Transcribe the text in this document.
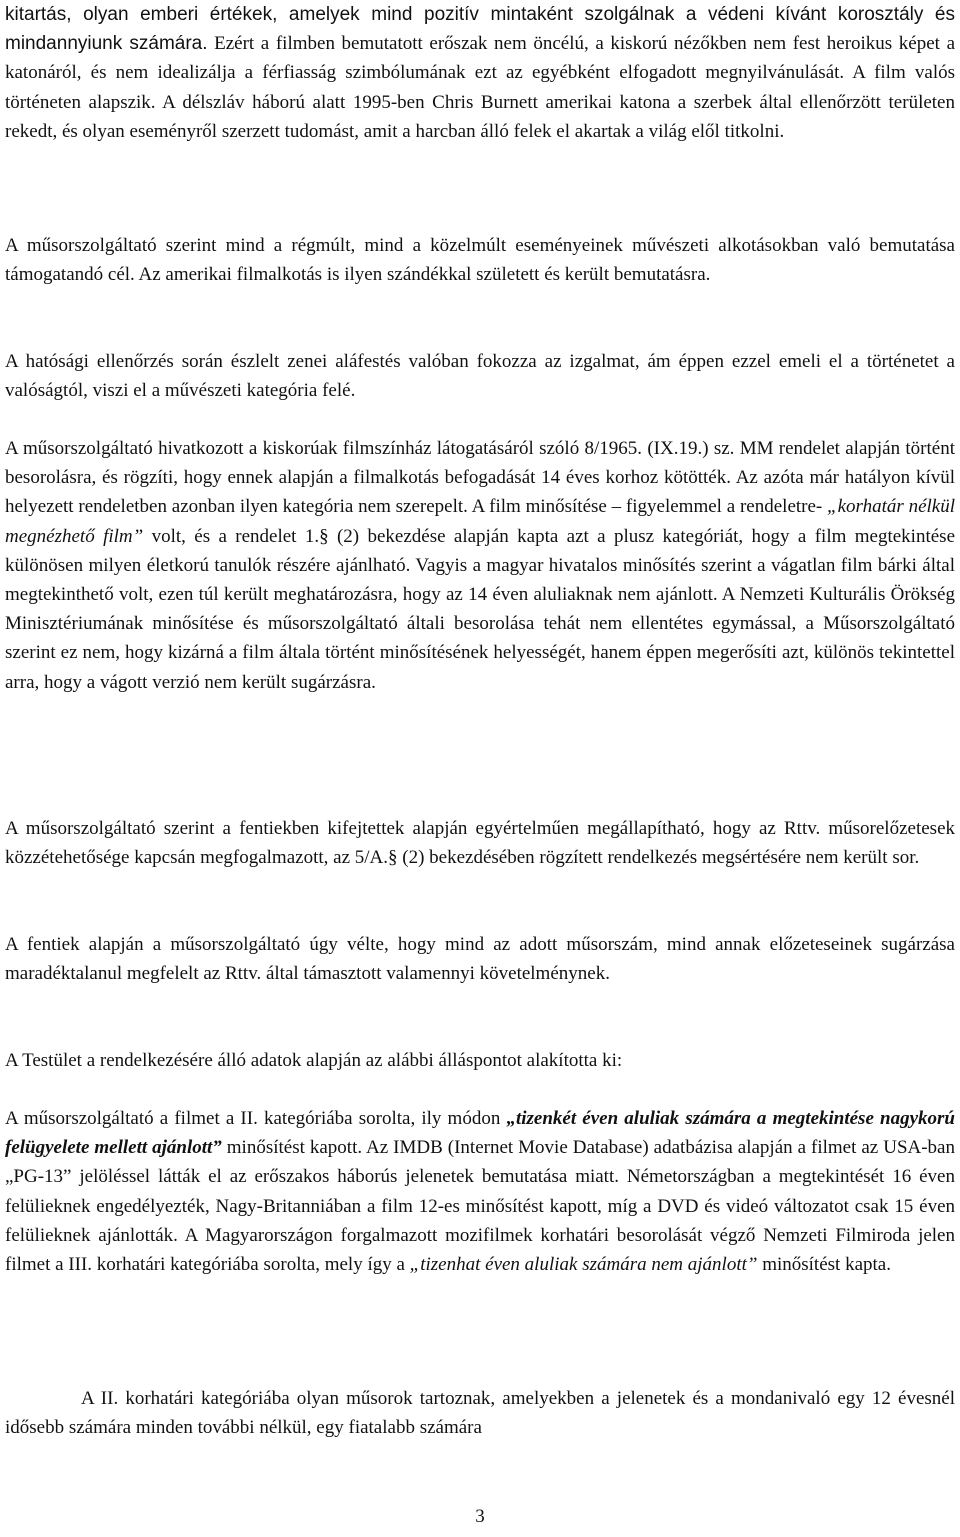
kitartás, olyan emberi értékek, amelyek mind pozitív mintaként szolgálnak a védeni kívánt korosztály és mindannyiunk számára. Ezért a filmben bemutatott erőszak nem öncélú, a kiskorú nézőkben nem fest heroikus képet a katonáról, és nem idealizálja a férfiasság szimbólumának ezt az egyébként elfogadott megnyilvánulását. A film valós történeten alapszik. A délszláv háború alatt 1995-ben Chris Burnett amerikai katona a szerbek által ellenőrzött területen rekedt, és olyan eseményről szerzett tudomást, amit a harcban álló felek el akartak a világ elől titkolni.

A műsorszolgáltató szerint mind a régmúlt, mind a közelmúlt eseményeinek művészeti alkotásokban való bemutatása támogatandó cél. Az amerikai filmalkotás is ilyen szándékkal született és került bemutatásra.

A hatósági ellenőrzés során észlelt zenei aláfestés valóban fokozza az izgalmat, ám éppen ezzel emeli el a történetet a valóságtól, viszi el a művészeti kategória felé.

A műsorszolgáltató hivatkozott a kiskorúak filmszínház látogatásáról szóló 8/1965. (IX.19.) sz. MM rendelet alapján történt besorolásra, és rögzíti, hogy ennek alapján a filmalkotás befogadását 14 éves korhoz kötötték. Az azóta már hatályon kívül helyezett rendeletben azonban ilyen kategória nem szerepelt. A film minősítése – figyelemmel a rendeletre- „korhatár nélkül megnézhető film” volt, és a rendelet 1.§ (2) bekezdése alapján kapta azt a plusz kategóriát, hogy a film megtekintése különösen milyen életkorú tanulók részére ajánlható. Vagyis a magyar hivatalos minősítés szerint a vágatlan film bárki által megtekinthető volt, ezen túl került meghatározásra, hogy az 14 éven aluliaknak nem ajánlott. A Nemzeti Kulturális Örökség Minisztériumának minősítése és műsorszolgáltató általi besorolása tehát nem ellentétes egymással, a Műsorszolgáltató szerint ez nem, hogy kizárná a film általa történt minősítésének helyességét, hanem éppen megerősíti azt, különös tekintettel arra, hogy a vágott verzió nem került sugárzásra.

A műsorszolgáltató szerint a fentiekben kifejtettek alapján egyértelműen megállapítható, hogy az Rttv. műsorelőzetesek közzétehetősége kapcsán megfogalmazott, az 5/A.§ (2) bekezdésében rögzített rendelkezés megsértésére nem került sor.

A fentiek alapján a műsorszolgáltató úgy vélte, hogy mind az adott műsorszám, mind annak előzeteseinek sugárzása maradéktalanul megfelelt az Rttv. által támasztott valamennyi követelménynek.

A Testület a rendelkezésére álló adatok alapján az alábbi álláspontot alakította ki:

A műsorszolgáltató a filmet a II. kategóriába sorolta, ily módon „tizenkét éven aluliak számára a megtekintése nagykorú felügyelete mellett ajánlott” minősítést kapott. Az IMDB (Internet Movie Database) adatbázisa alapján a filmet az USA-ban „PG-13” jelöléssel látták el az erőszakos háborús jelenetek bemutatása miatt. Németországban a megtekintését 16 éven felülieknek engedélyezték, Nagy-Britanniában a film 12-es minősítést kapott, míg a DVD és videó változatot csak 15 éven felülieknek ajánlották. A Magyarországon forgalmazott mozifilmek korhatári besorolását végző Nemzeti Filmiroda jelen filmet a III. korhatári kategóriába sorolta, mely így a „tizenhat éven aluliak számára nem ajánlott” minősítést kapta.

A II. korhatári kategóriába olyan műsorok tartoznak, amelyekben a jelenetek és a mondanivaló egy 12 évesnél idősebb számára minden további nélkül, egy fiatalabb számára

3
